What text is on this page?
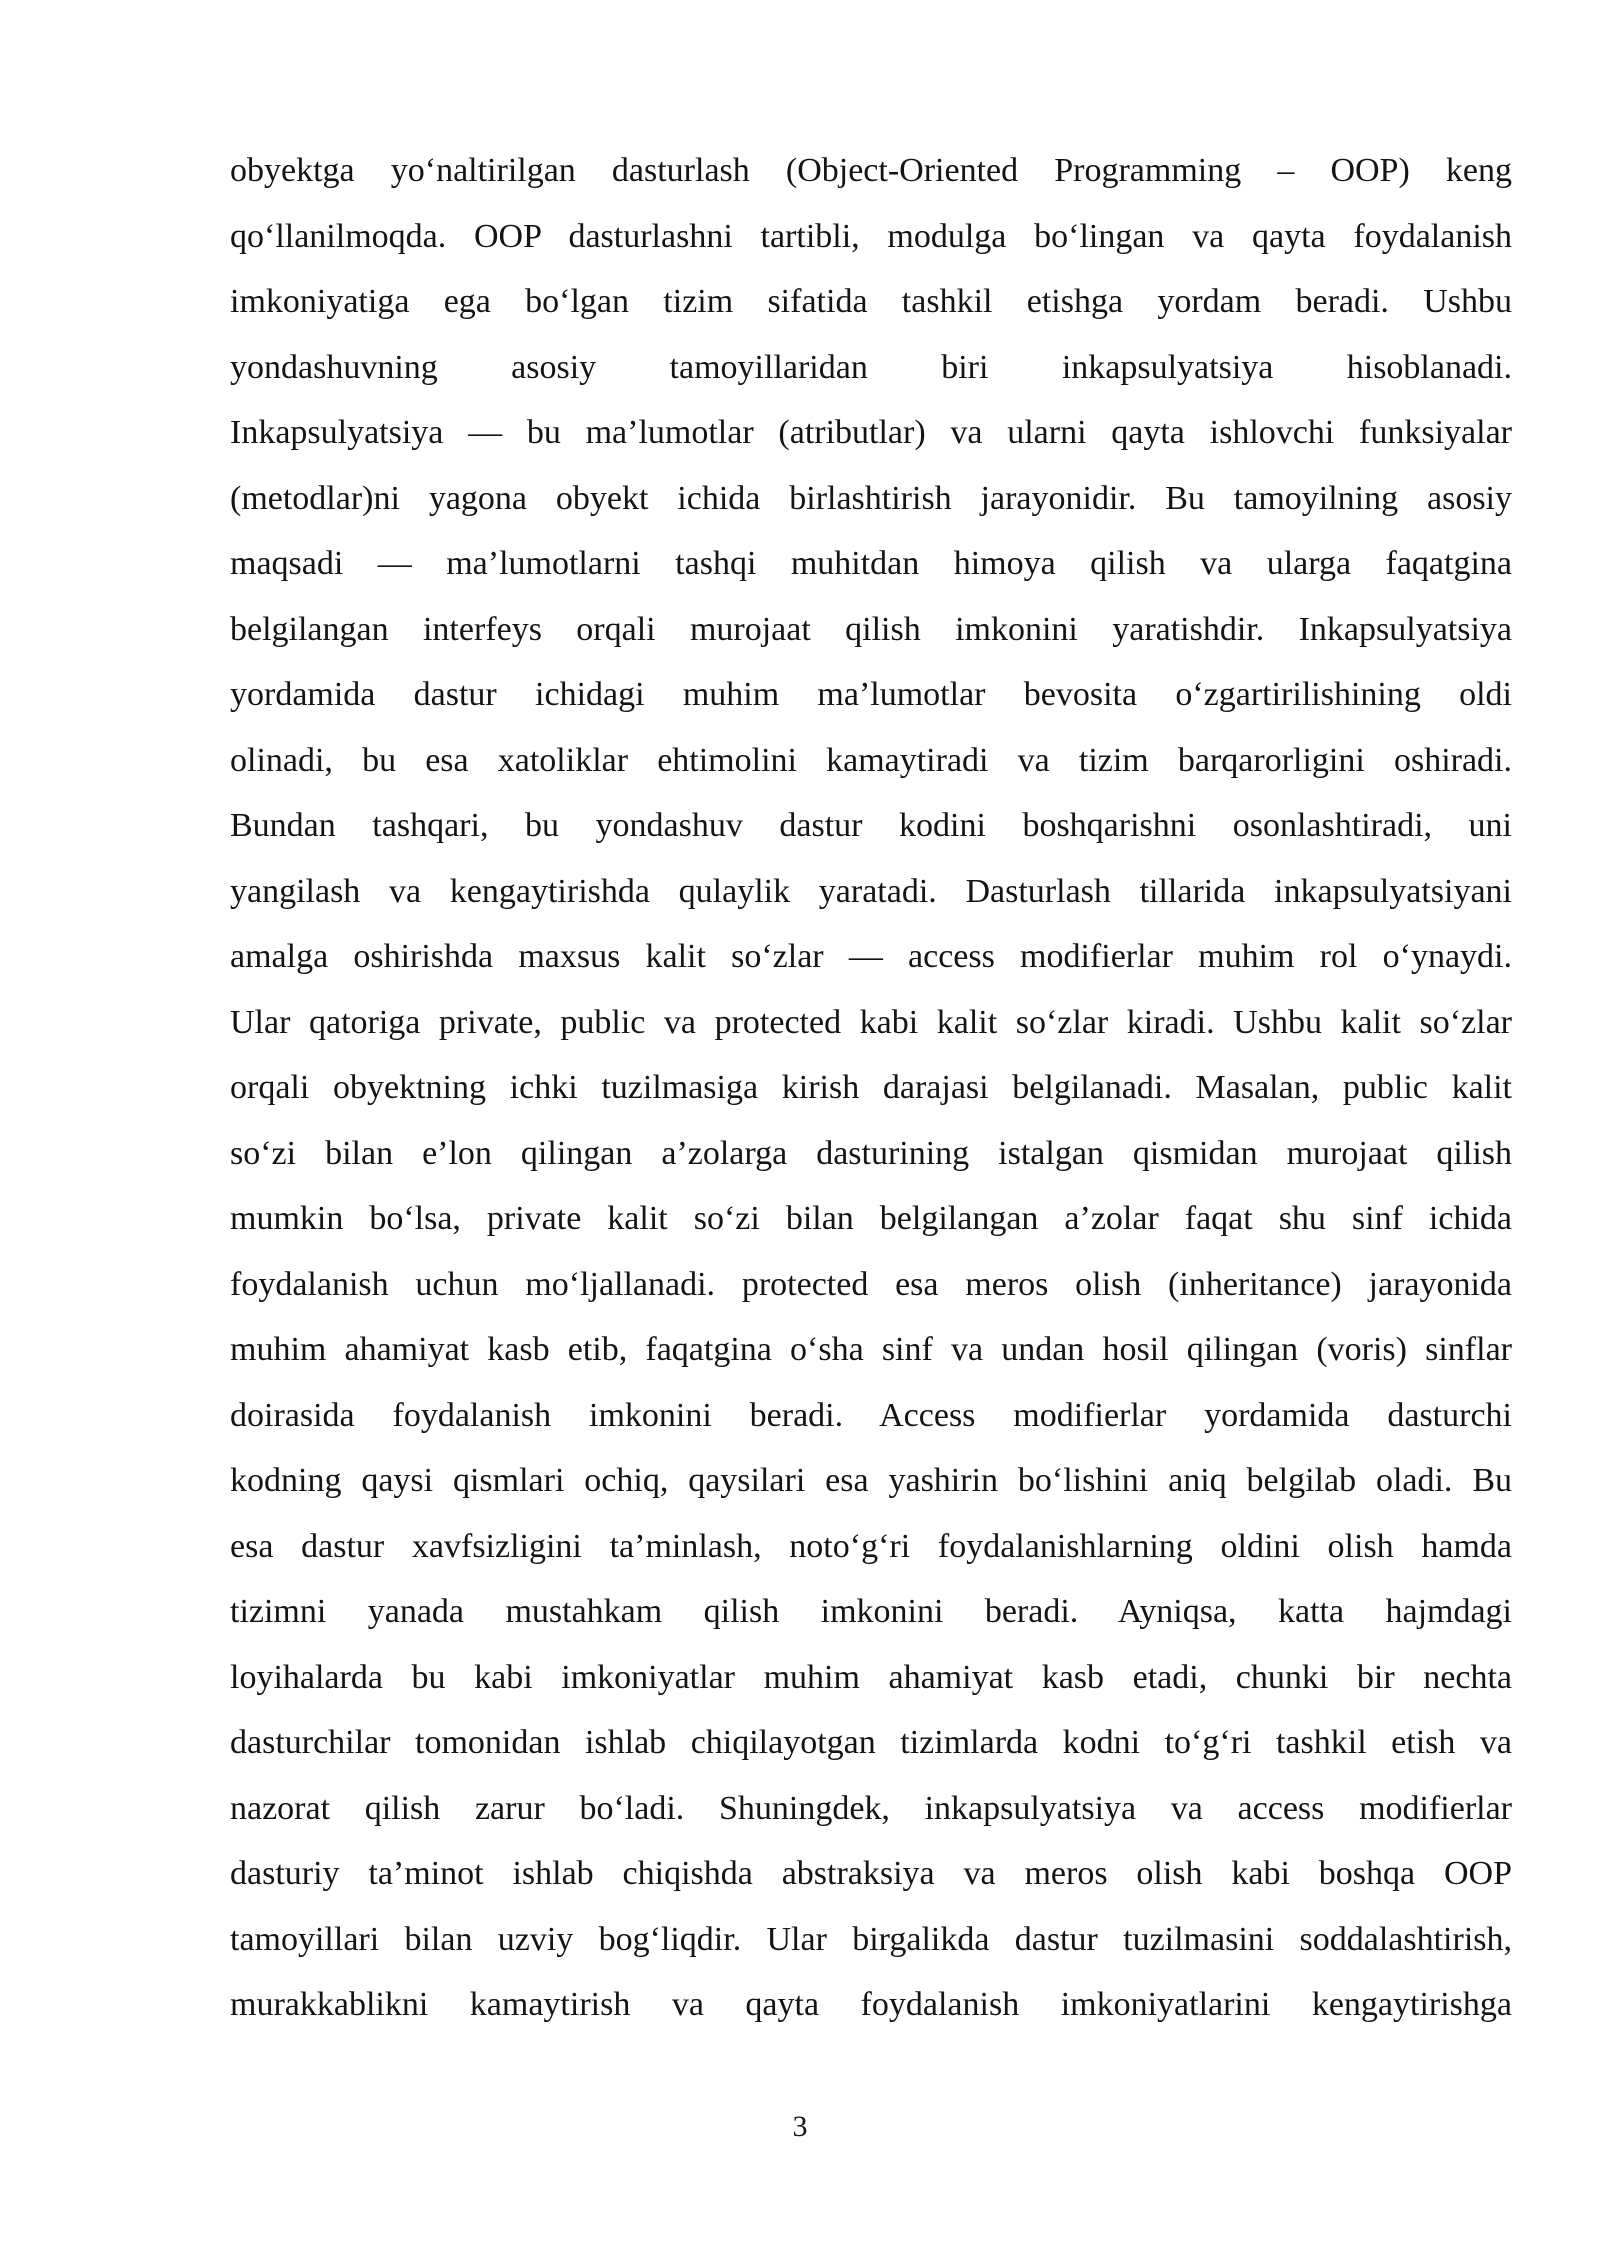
obyektga yo‘naltirilgan dasturlash (Object-Oriented Programming – OOP) keng
qo‘llanilmoqda. OOP dasturlashni tartibli, modulga bo‘lingan va qayta foydalanish
imkoniyatiga ega bo‘lgan tizim sifatida tashkil etishga yordam beradi. Ushbu
yondashuvning asosiy tamoyillaridan biri inkapsulyatsiya hisoblanadi.
Inkapsulyatsiya — bu ma’lumotlar (atributlar) va ularni qayta ishlovchi funksiyalar
(metodlar)ni yagona obyekt ichida birlashtirish jarayonidir. Bu tamoyilning asosiy
maqsadi — ma’lumotlarni tashqi muhitdan himoya qilish va ularga faqatgina
belgilangan interfeys orqali murojaat qilish imkonini yaratishdir. Inkapsulyatsiya
yordamida dastur ichidagi muhim ma’lumotlar bevosita o‘zgartirilishining oldi
olinadi, bu esa xatoliklar ehtimolini kamaytiradi va tizim barqarorligini oshiradi.
Bundan tashqari, bu yondashuv dastur kodini boshqarishni osonlashtiradi, uni
yangilash va kengaytirishda qulaylik yaratadi. Dasturlash tillarida inkapsulyatsiyani
amalga oshirishda maxsus kalit so‘zlar — access modifierlar muhim rol o‘ynaydi.
Ular qatoriga private, public va protected kabi kalit so‘zlar kiradi. Ushbu kalit so‘zlar
orqali obyektning ichki tuzilmasiga kirish darajasi belgilanadi. Masalan, public kalit
so‘zi bilan e’lon qilingan a’zolarga dasturining istalgan qismidan murojaat qilish
mumkin bo‘lsa, private kalit so‘zi bilan belgilangan a’zolar faqat shu sinf ichida
foydalanish uchun mo‘ljallanadi. protected esa meros olish (inheritance) jarayonida
muhim ahamiyat kasb etib, faqatgina o‘sha sinf va undan hosil qilingan (voris) sinflar
doirasida foydalanish imkonini beradi. Access modifierlar yordamida dasturchi
kodning qaysi qismlari ochiq, qaysilari esa yashirin bo‘lishini aniq belgilab oladi. Bu
esa dastur xavfsizligini ta’minlash, noto‘g‘ri foydalanishlarning oldini olish hamda
tizimni yanada mustahkam qilish imkonini beradi. Ayniqsa, katta hajmdagi
loyihalarda bu kabi imkoniyatlar muhim ahamiyat kasb etadi, chunki bir nechta
dasturchilar tomonidan ishlab chiqilayotgan tizimlarda kodni to‘g‘ri tashkil etish va
nazorat qilish zarur bo‘ladi. Shuningdek, inkapsulyatsiya va access modifierlar
dasturiy ta’minot ishlab chiqishda abstraksiya va meros olish kabi boshqa OOP
tamoyillari bilan uzviy bog‘liqdir. Ular birgalikda dastur tuzilmasini soddalashtirish,
murakkablikni kamaytirish va qayta foydalanish imkoniyatlarini kengaytirishga
3
